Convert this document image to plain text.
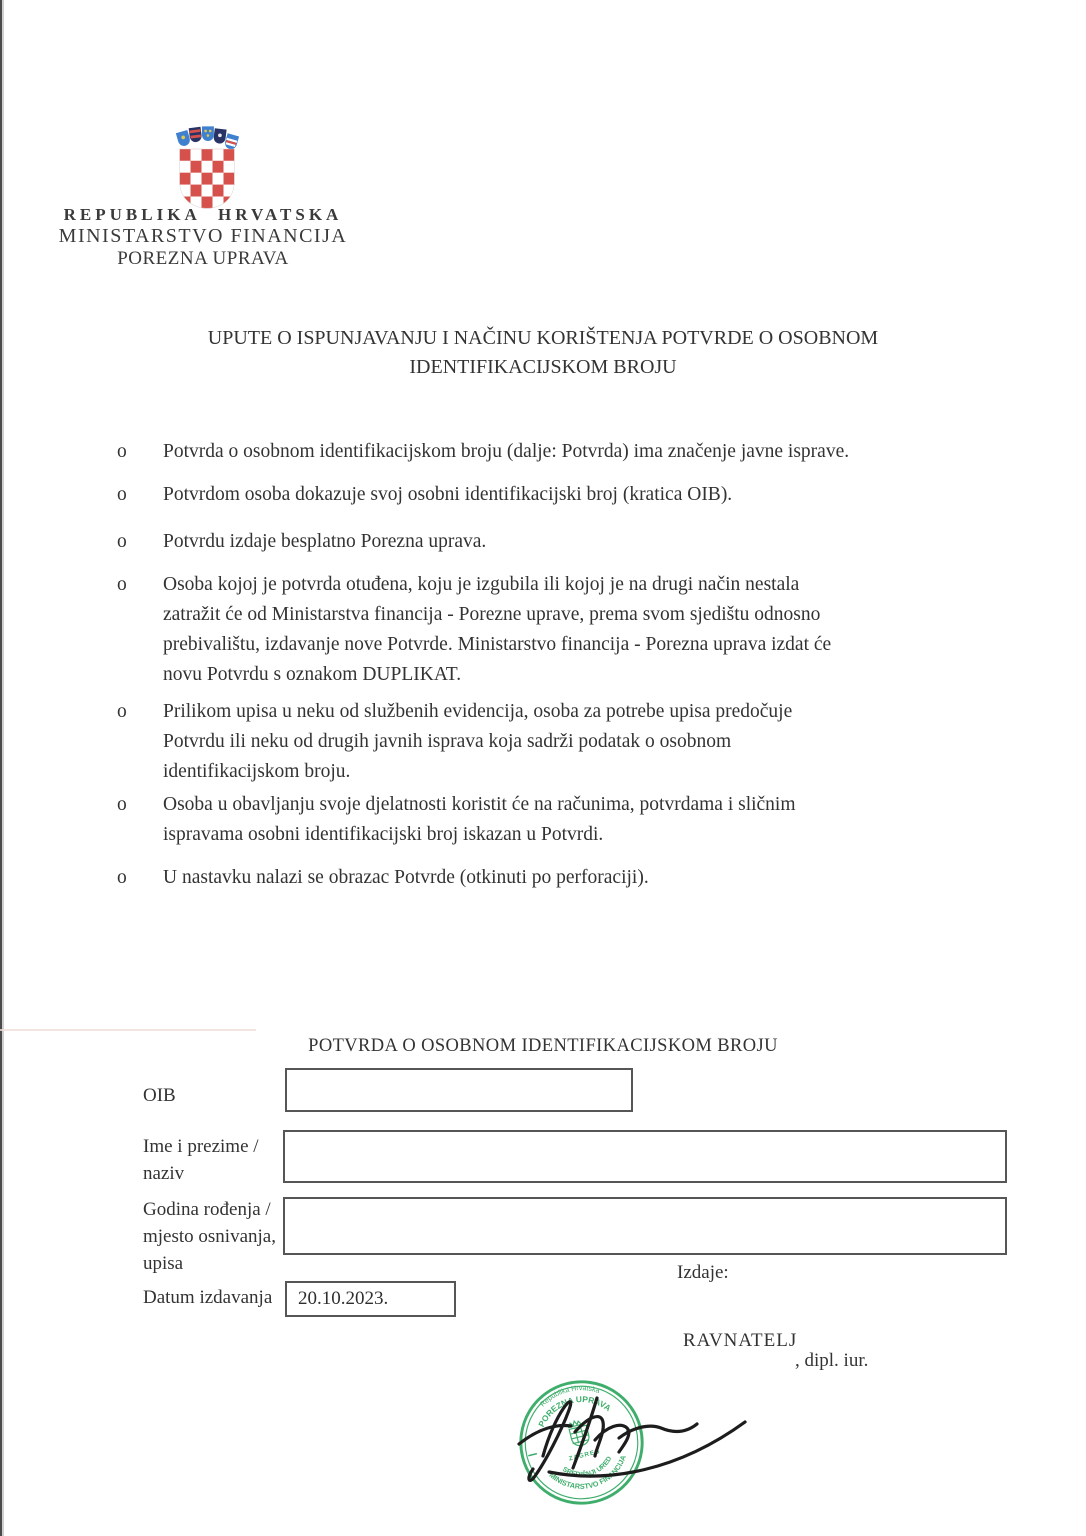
REPUBLIKA HRVATSKA
MINISTARSTVO FINANCIJA
POREZNA UPRAVA
UPUTE O ISPUNJAVANJU I NAČINU KORIŠTENJA POTVRDE O OSOBNOM
IDENTIFIKACIJSKOM BROJU
o	Potvrda o osobnom identifikacijskom broju (dalje: Potvrda) ima značenje javne isprave.
o	Potvrdom osoba dokazuje svoj osobni identifikacijski broj (kratica OIB).
o	Potvrdu izdaje besplatno Porezna uprava.
o	Osoba kojoj je potvrda otuđena, koju je izgubila ili kojoj je na drugi način nestala zatražit će od Ministarstva financija - Porezne uprave, prema svom sjedištu odnosno prebivalištu, izdavanje nove Potvrde. Ministarstvo financija - Porezna uprava izdat će novu Potvrdu s oznakom DUPLIKAT.
o	Prilikom upisa u neku od službenih evidencija, osoba za potrebe upisa predočuje Potvrdu ili neku od drugih javnih isprava koja sadrži podatak o osobnom identifikacijskom broju.
o	Osoba u obavljanju svoje djelatnosti koristit će na računima, potvrdama i sličnim ispravama osobni identifikacijski broj iskazan u Potvrdi.
o	U nastavku nalazi se obrazac Potvrde (otkinuti po perforaciji).
POTVRDA O OSOBNOM IDENTIFIKACIJSKOM BROJU
OIB
Ime i prezime /
naziv
Godina rođenja /
mjesto osnivanja,
upisa	Izdaje:
Datum izdavanja	20.10.2023.
RAVNATELJ
, dipl. iur.
Republika Hrvatska
POREZNA UPRAVA
ZAGREB
SREDIŠNJI URED
MINISTARSTVO FINANCIJA
